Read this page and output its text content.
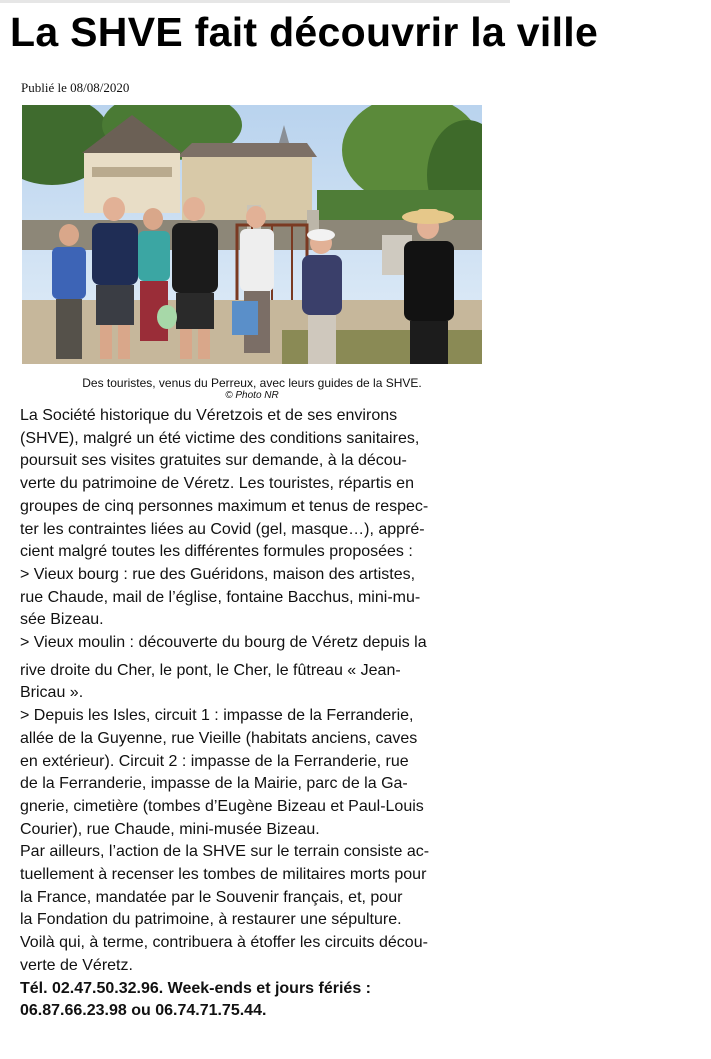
La SHVE fait découvrir la ville
Publié le 08/08/2020
Des touristes, venus du Perreux, avec leurs guides de la SHVE.
© Photo NR

La Société historique du Véretzois et de ses environs

(SHVE), malgré un été victime des conditions sanitaires,

poursuit ses visites gratuites sur demande, à la décou-

verte du patrimoine de Véretz. Les touristes, répartis en

groupes de cinq personnes maximum et tenus de respec-

ter les contraintes liées au Covid (gel, masque…), appré-

cient malgré toutes les différentes formules proposées :

> Vieux bourg : rue des Guéridons, maison des artistes,

rue Chaude, mail de l’église, fontaine Bacchus, mini-mu-

sée Bizeau.

> Vieux moulin : découverte du bourg de Véretz depuis la

rive droite du Cher, le pont, le Cher, le fûtreau « Jean-

Bricau ».

> Depuis les Isles, circuit 1 : impasse de la Ferranderie,

allée de la Guyenne, rue Vieille (habitats anciens, caves

en extérieur). Circuit 2 : impasse de la Ferranderie, rue

de la Ferranderie, impasse de la Mairie, parc de la Ga-

gnerie, cimetière (tombes d’Eugène Bizeau et Paul-Louis

Courier), rue Chaude, mini-musée Bizeau.

Par ailleurs, l’action de la SHVE sur le terrain consiste ac-

tuellement à recenser les tombes de militaires morts pour

la France, mandatée par le Souvenir français, et, pour

la Fondation du patrimoine, à restaurer une sépulture.

Voilà qui, à terme, contribuera à étoffer les circuits décou-

verte de Véretz.

Tél. 02.47.50.32.96. Week-ends et jours fériés :

06.87.66.23.98 ou 06.74.71.75.44.
